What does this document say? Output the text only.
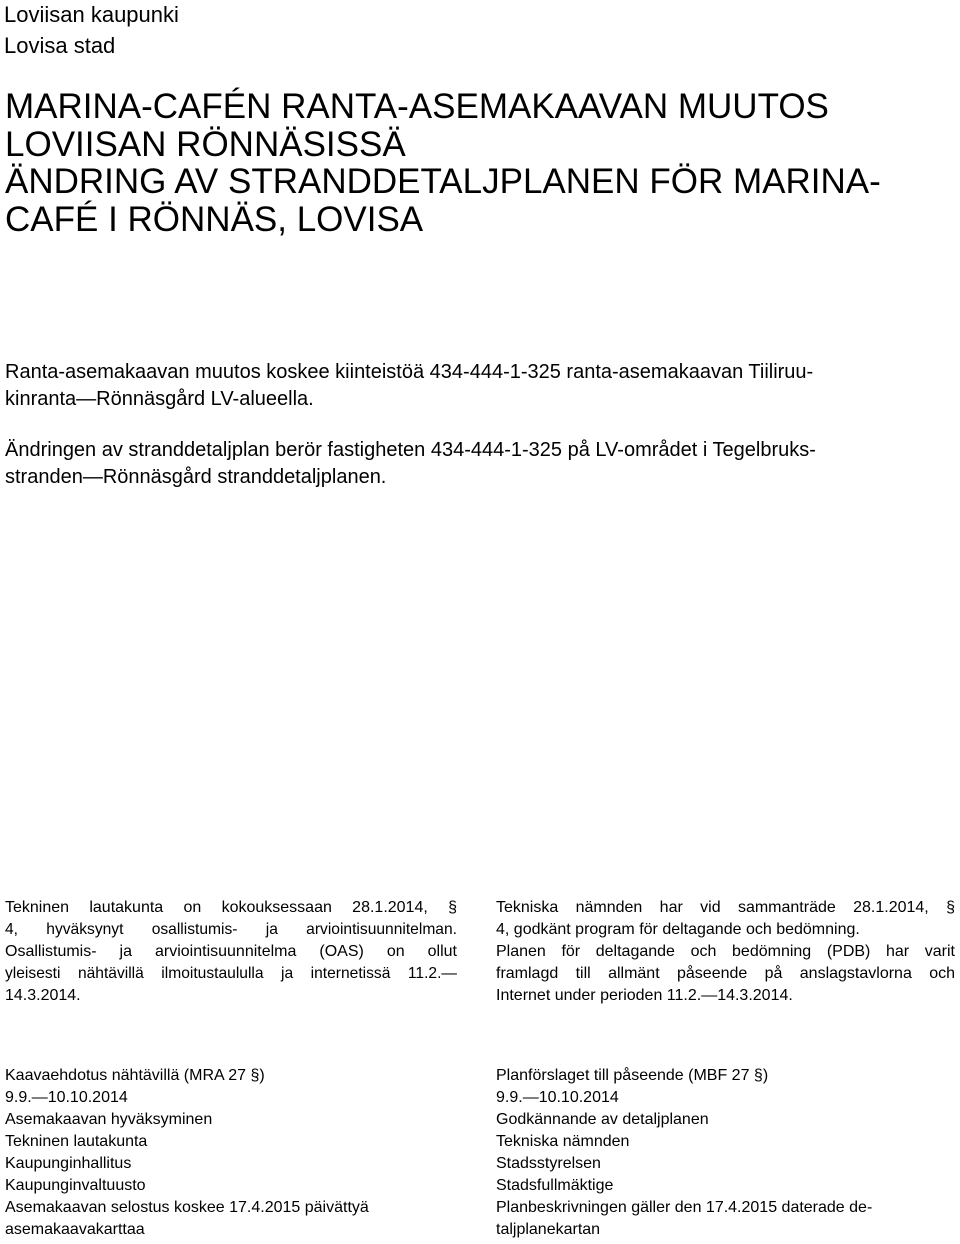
Loviisan kaupunki
Lovisa stad
MARINA-CAFÉN RANTA-ASEMAKAAVAN MUUTOS
LOVIISAN RÖNNÄSISSÄ
ÄNDRING AV STRANDDETALJPLANEN FÖR MARINA-
CAFÉ I RÖNNÄS, LOVISA

Ranta-asemakaavan muutos koskee kiinteistöä 434-444-1-325 ranta-asemakaavan Tiiliruu-
kinranta—Rönnäsgård LV-alueella.

Ändringen av stranddetaljplan berör fastigheten 434-444-1-325 på LV-området i Tegelbruks-
stranden—Rönnäsgård stranddetaljplanen.

Tekninen lautakunta on kokouksessaan 28.1.2014, §
4, hyväksynyt osallistumis- ja arviointisuunnitelman.
Osallistumis- ja arviointisuunnitelma (OAS) on ollut
yleisesti nähtävillä ilmoitustaululla ja internetissä 11.2.—
14.3.2014.
Tekniska nämnden har vid sammanträde 28.1.2014, §
4, godkänt program för deltagande och bedömning.
Planen för deltagande och bedömning (PDB) har varit
framlagd till allmänt påseende på anslagstavlorna och
Internet under perioden 11.2.—14.3.2014.
Kaavaehdotus nähtävillä (MRA 27 §)
9.9.—10.10.2014
Asemakaavan hyväksyminen
Tekninen lautakunta
Kaupunginhallitus
Kaupunginvaltuusto
Asemakaavan selostus koskee 17.4.2015 päivättyä
asemakaavakarttaa
Planförslaget till påseende (MBF 27 §)
9.9.—10.10.2014
Godkännande av detaljplanen
Tekniska nämnden
Stadsstyrelsen
Stadsfullmäktige
Planbeskrivningen gäller den 17.4.2015 daterade de-
taljplanekartan
